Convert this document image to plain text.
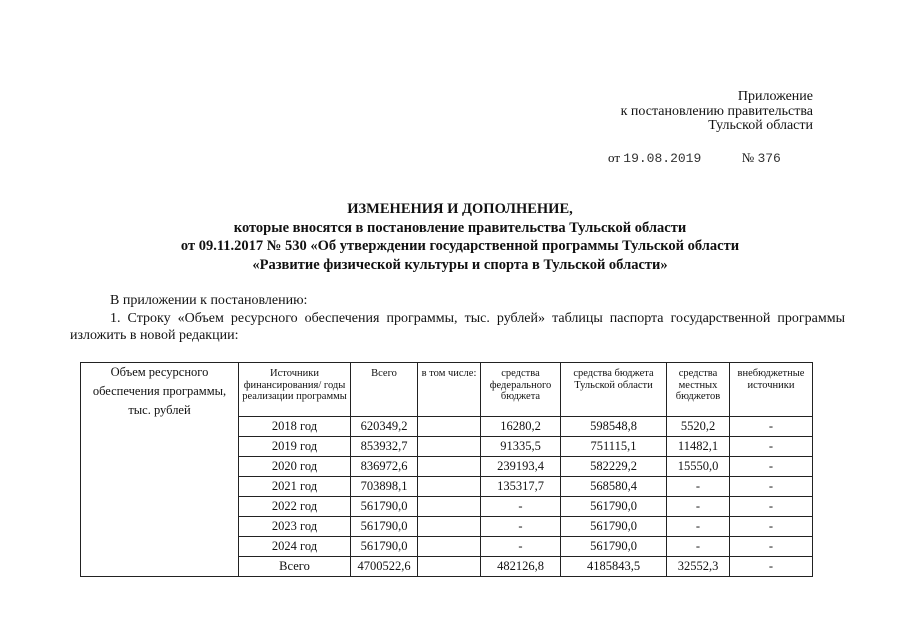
Приложение
к постановлению правительства
Тульской области
от 19.08.2019	№ 376
ИЗМЕНЕНИЯ И ДОПОЛНЕНИЕ,
которые вносятся в постановление правительства Тульской области
от 09.11.2017 № 530 «Об утверждении государственной программы Тульской области
«Развитие физической культуры и спорта в Тульской области»
В приложении к постановлению:
1. Строку «Объем ресурсного обеспечения программы, тыс. рублей» таблицы паспорта государственной программы изложить в новой редакции:
Объем ресурсного обеспечения программы, тыс. рублей	Источники финансирования/ годы реализации программы	Всего	в том числе:	средства федерального бюджета	средства бюджета Тульской области	средства местных бюджетов	внебюджетные источники
	2018 год	620349,2		16280,2	598548,8	5520,2	-
	2019 год	853932,7		91335,5	751115,1	11482,1	-
	2020 год	836972,6		239193,4	582229,2	15550,0	-
	2021 год	703898,1		135317,7	568580,4	-	-
	2022 год	561790,0		-	561790,0	-	-
	2023 год	561790,0		-	561790,0	-	-
	2024 год	561790,0		-	561790,0	-	-
	Всего	4700522,6		482126,8	4185843,5	32552,3	-
